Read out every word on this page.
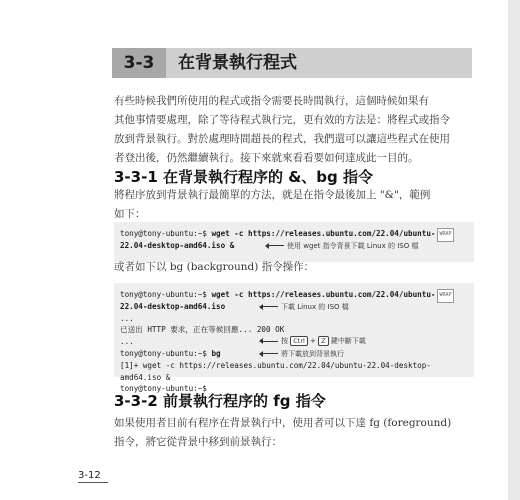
3-3	在背景執行程式

有些時候我們所使用的程式或指令需要長時間執行，這個時候如果有

其他事情要處理，除了等待程式執行完，更有效的方法是：將程式或指令

放到背景執行。對於處理時間超長的程式，我們還可以讓這些程式在使用

者登出後，仍然繼續執行。接下來就來看看要如何達成此一目的。

3-3-1 在背景執行程序的 &、bg 指令

將程序放到背景執行最簡單的方法，就是在指令最後加上 "&"，範例

如下：

tony@tony-ubuntu:~$ wget -c https://releases.ubuntu.com/22.04/ubuntu- WRAP
22.04-desktop-amd64.iso &	使用 wget 指令背景下載 Linux 的 ISO 檔

或者如下以 bg (background) 指令操作：

tony@tony-ubuntu:~$ wget -c https://releases.ubuntu.com/22.04/ubuntu- WRAP
22.04-desktop-amd64.iso	下載 Linux 的 ISO 檔
...
已送出 HTTP 要求，正在等候回應... 200 OK
...	按 Ctrl + Z 鍵中斷下載
tony@tony-ubuntu:~$ bg	將下載放到背景執行
[1]+ wget -c https://releases.ubuntu.com/22.04/ubuntu-22.04-desktop-
amd64.iso &
tony@tony-ubuntu:~$
3-3-2 前景執行程序的 fg 指令

如果使用者目前有程序在背景執行中，使用者可以下達 fg (foreground)

指令，將它從背景中移到前景執行：

3-12
